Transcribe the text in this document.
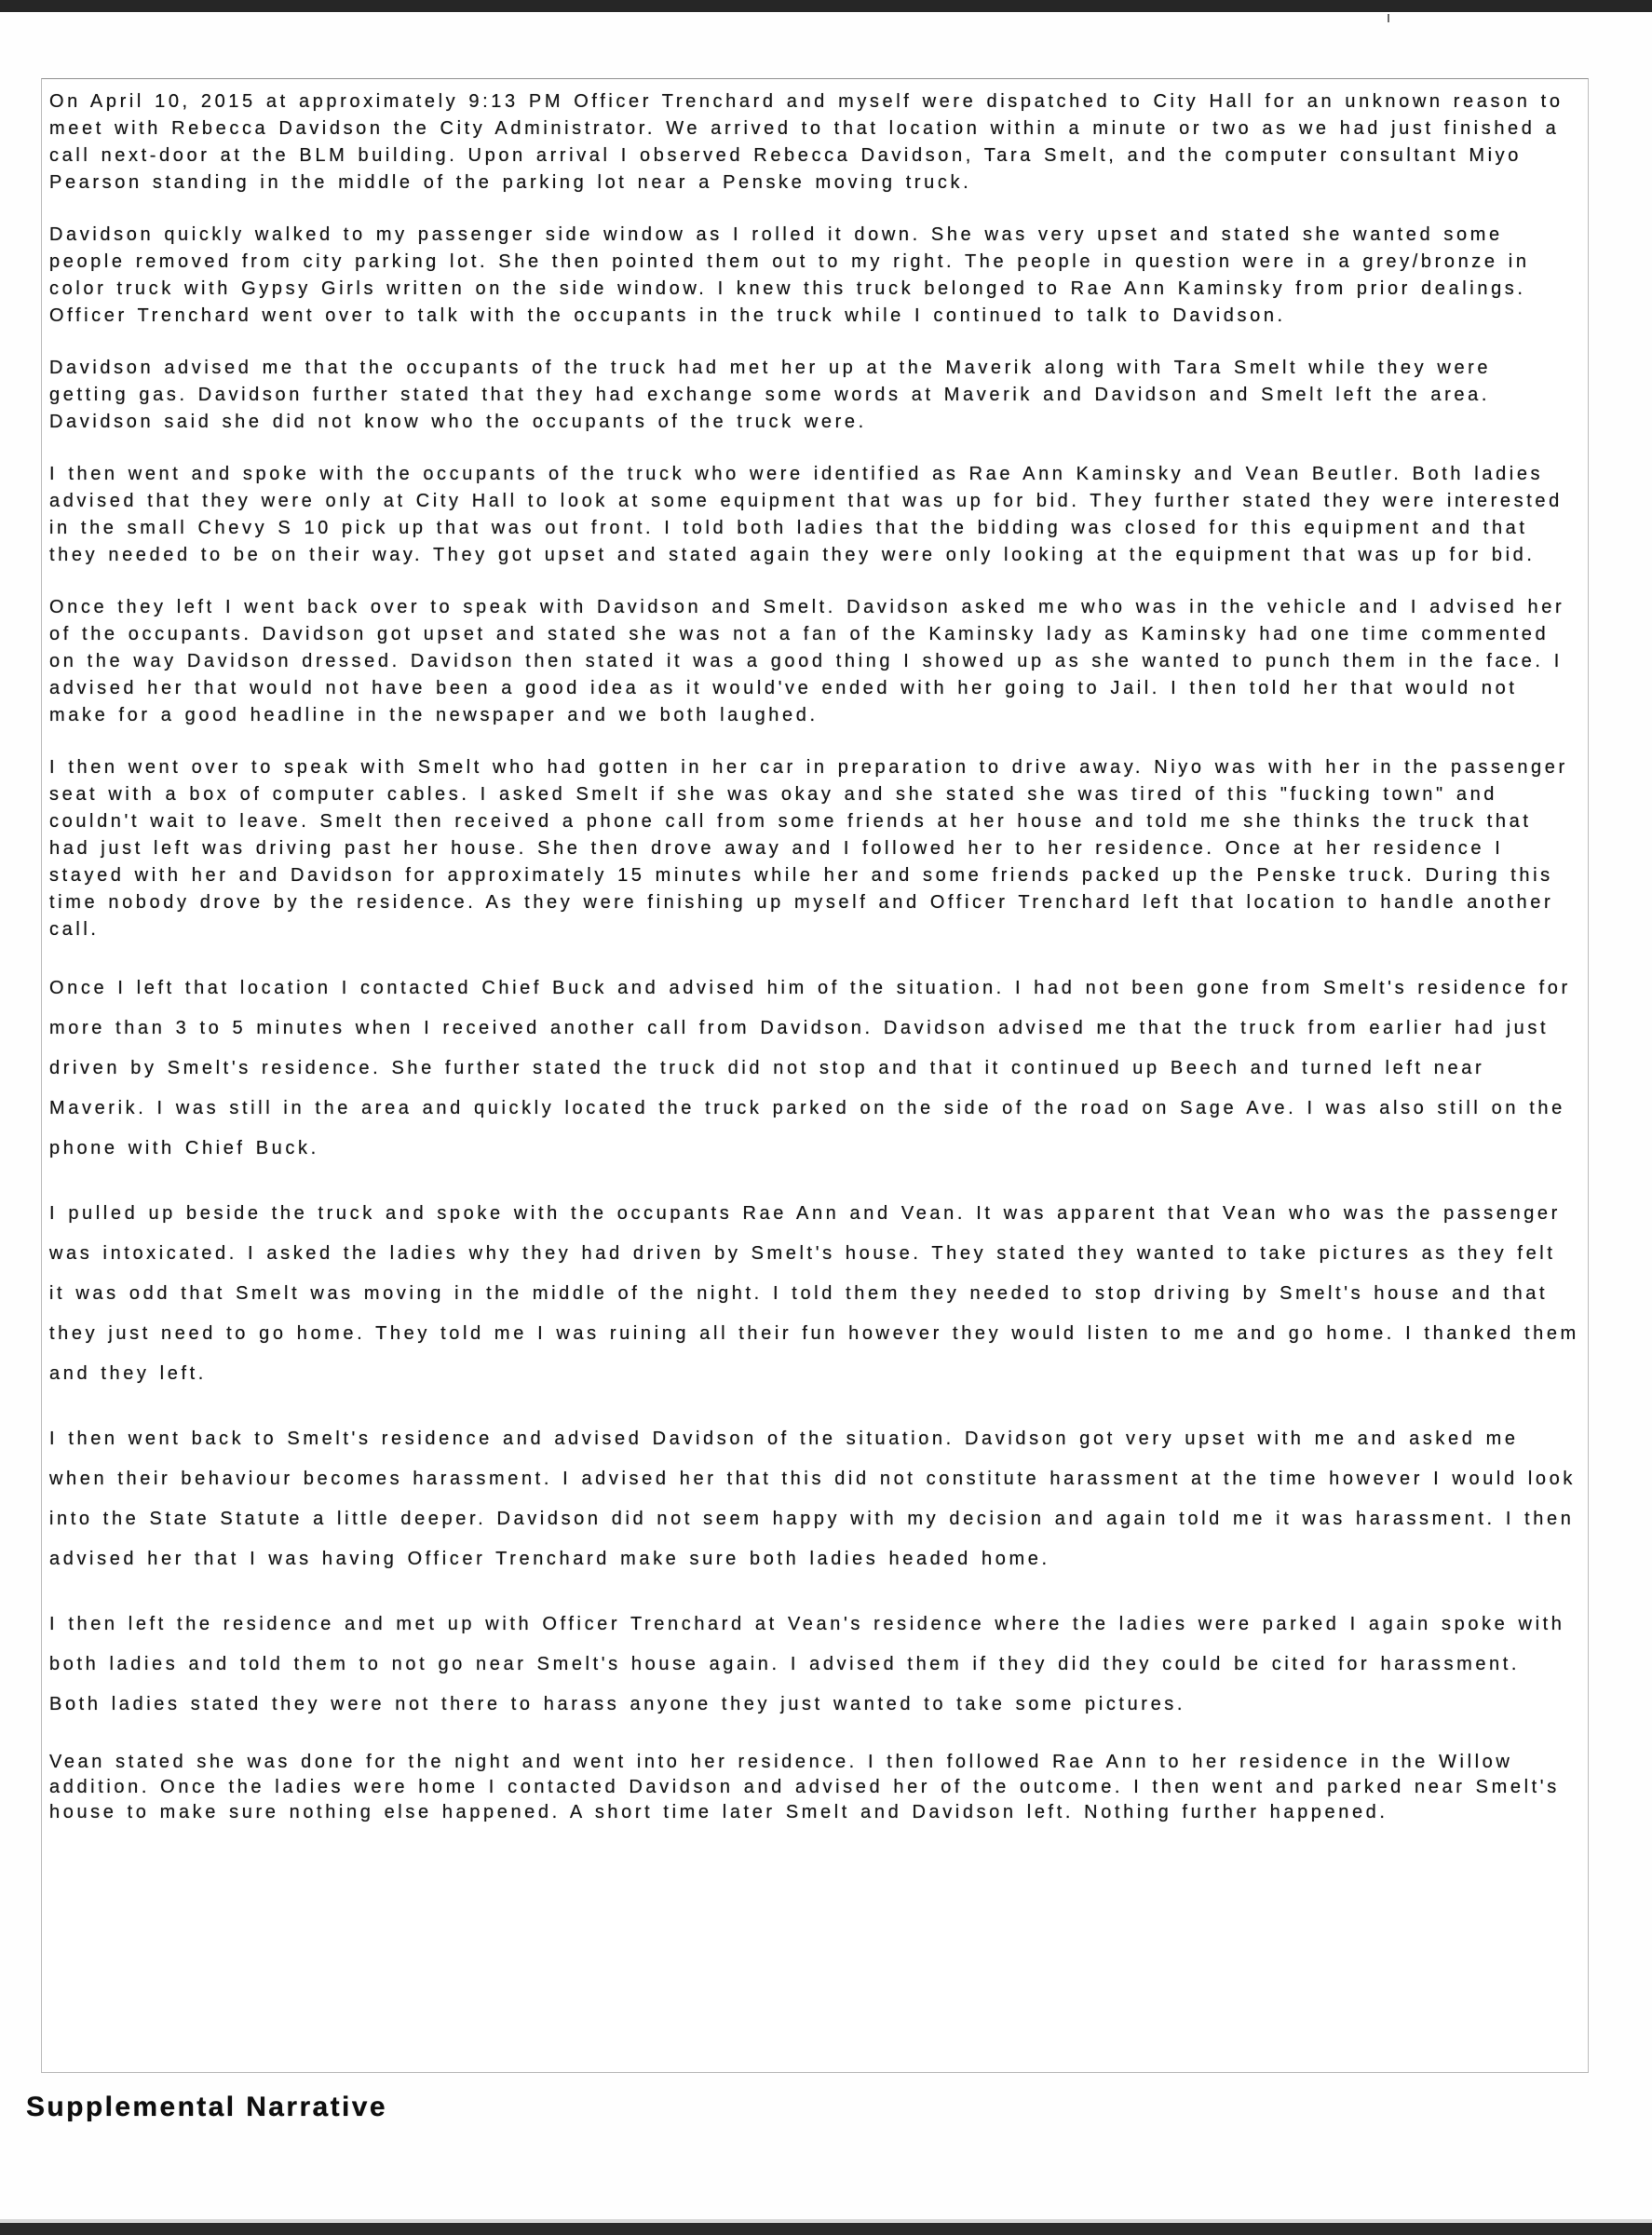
On April 10, 2015 at approximately 9:13 PM Officer Trenchard and myself were dispatched to City Hall for an unknown reason to meet with Rebecca Davidson the City Administrator. We arrived to that location within a minute or two as we had just finished a call next-door at the BLM building. Upon arrival I observed Rebecca Davidson, Tara Smelt, and the computer consultant Miyo Pearson standing in the middle of the parking lot near a Penske moving truck.

Davidson quickly walked to my passenger side window as I rolled it down. She was very upset and stated she wanted some people removed from city parking lot. She then pointed them out to my right. The people in question were in a grey/bronze in color truck with Gypsy Girls written on the side window. I knew this truck belonged to Rae Ann Kaminsky from prior dealings. Officer Trenchard went over to talk with the occupants in the truck while I continued to talk to Davidson.

Davidson advised me that the occupants of the truck had met her up at the Maverik along with Tara Smelt while they were getting gas. Davidson further stated that they had exchange some words at Maverik and Davidson and Smelt left the area. Davidson said she did not know who the occupants of the truck were.

I then went and spoke with the occupants of the truck who were identified as Rae Ann Kaminsky and Vean Beutler. Both ladies advised that they were only at City Hall to look at some equipment that was up for bid. They further stated they were interested in the small Chevy S 10 pick up that was out front. I told both ladies that the bidding was closed for this equipment and that they needed to be on their way. They got upset and stated again they were only looking at the equipment that was up for bid.

Once they left I went back over to speak with Davidson and Smelt. Davidson asked me who was in the vehicle and I advised her of the occupants. Davidson got upset and stated she was not a fan of the Kaminsky lady as Kaminsky had one time commented on the way Davidson dressed. Davidson then stated it was a good thing I showed up as she wanted to punch them in the face. I advised her that would not have been a good idea as it would've ended with her going to Jail. I then told her that would not make for a good headline in the newspaper and we both laughed.

I then went over to speak with Smelt who had gotten in her car in preparation to drive away. Niyo was with her in the passenger seat with a box of computer cables. I asked Smelt if she was okay and she stated she was tired of this "fucking town" and couldn't wait to leave. Smelt then received a phone call from some friends at her house and told me she thinks the truck that had just left was driving past her house. She then drove away and I followed her to her residence. Once at her residence I stayed with her and Davidson for approximately 15 minutes while her and some friends packed up the Penske truck. During this time nobody drove by the residence. As they were finishing up myself and Officer Trenchard left that location to handle another call.

Once I left that location I contacted Chief Buck and advised him of the situation. I had not been gone from Smelt's residence for more than 3 to 5 minutes when I received another call from Davidson. Davidson advised me that the truck from earlier had just driven by Smelt's residence. She further stated the truck did not stop and that it continued up Beech and turned left near Maverik. I was still in the area and quickly located the truck parked on the side of the road on Sage Ave. I was also still on the phone with Chief Buck.

I pulled up beside the truck and spoke with the occupants Rae Ann and Vean. It was apparent that Vean who was the passenger was intoxicated. I asked the ladies why they had driven by Smelt's house. They stated they wanted to take pictures as they felt it was odd that Smelt was moving in the middle of the night. I told them they needed to stop driving by Smelt's house and that they just need to go home. They told me I was ruining all their fun however they would listen to me and go home. I thanked them and they left.

I then went back to Smelt's residence and advised Davidson of the situation. Davidson got very upset with me and asked me when their behaviour becomes harassment. I advised her that this did not constitute harassment at the time however I would look into the State Statute a little deeper. Davidson did not seem happy with my decision and again told me it was harassment. I then advised her that I was having Officer Trenchard make sure both ladies headed home.

I then left the residence and met up with Officer Trenchard at Vean's residence where the ladies were parked I again spoke with both ladies and told them to not go near Smelt's house again. I advised them if they did they could be cited for harassment. Both ladies stated they were not there to harass anyone they just wanted to take some pictures.

Vean stated she was done for the night and went into her residence. I then followed Rae Ann to her residence in the Willow addition. Once the ladies were home I contacted Davidson and advised her of the outcome. I then went and parked near Smelt's house to make sure nothing else happened. A short time later Smelt and Davidson left. Nothing further happened.

Supplemental Narrative
